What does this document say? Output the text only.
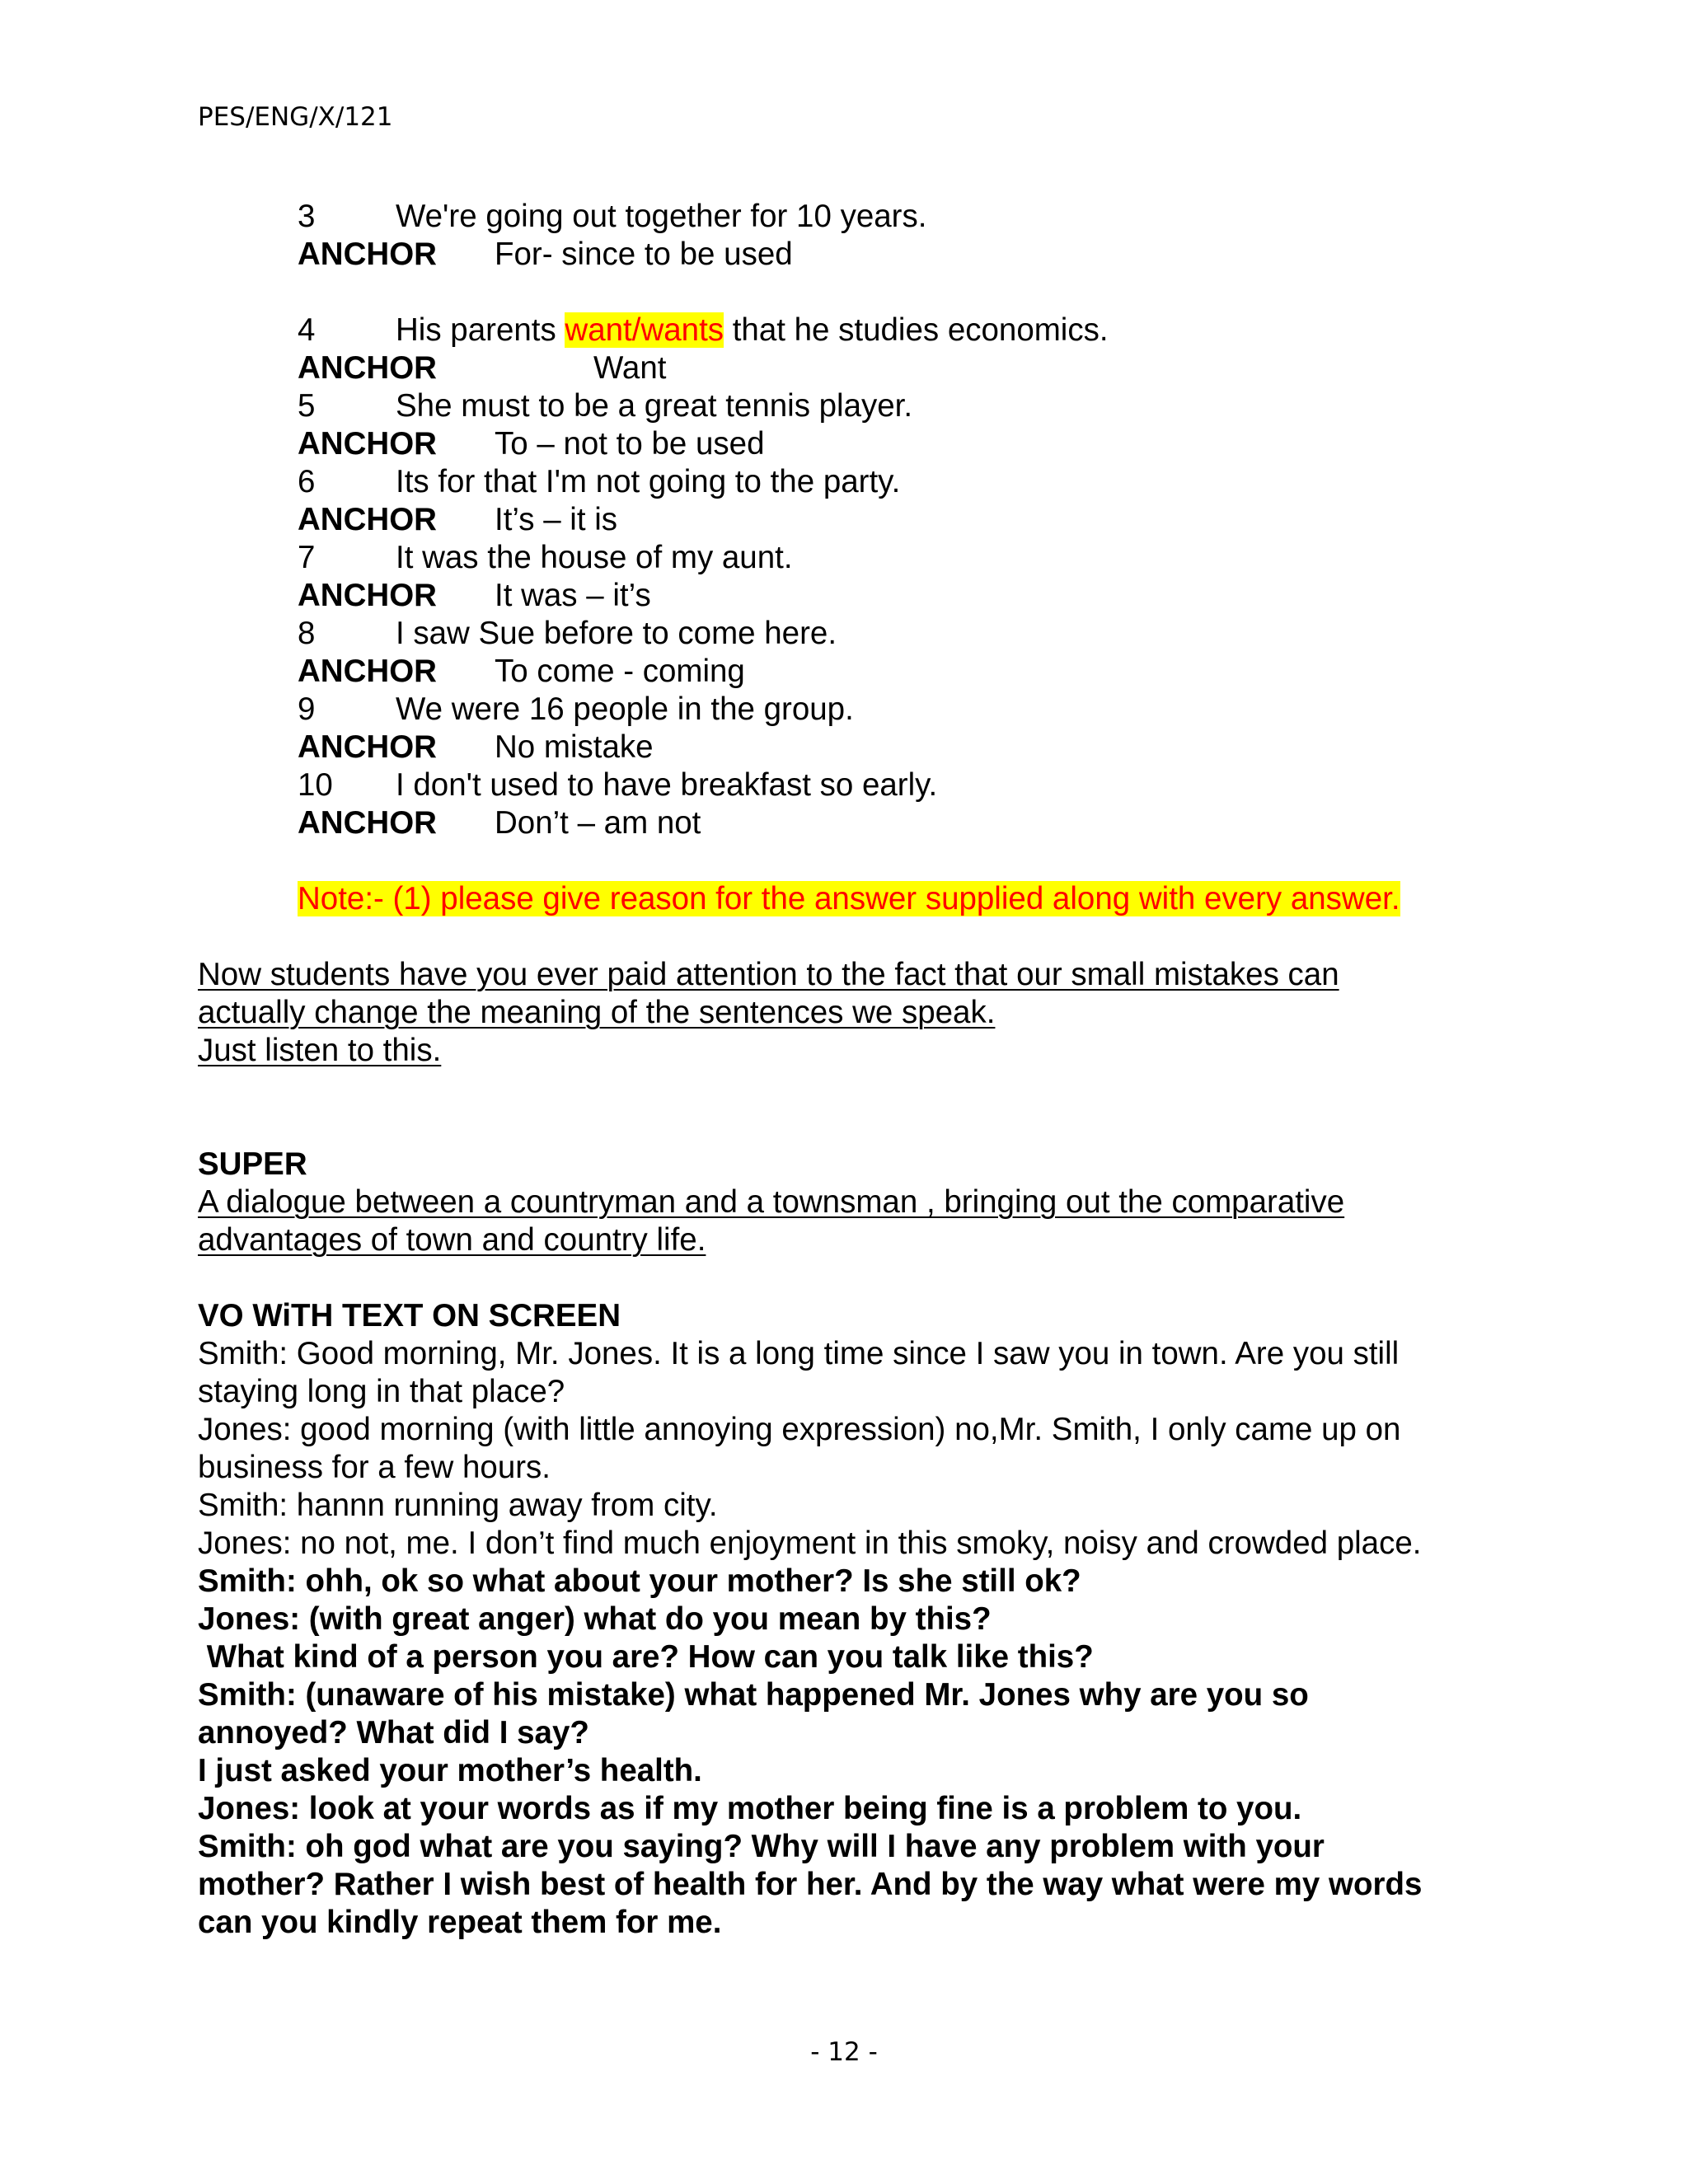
PES/ENG/X/121
3	We're going out together for 10 years.
ANCHOR For- since to be used
4	His parents want/wants that he studies economics.
ANCHOR	Want
5	She must to be a great tennis player.
ANCHOR To – not to be used
6	Its for that I'm not going to the party.
ANCHOR It’s – it is
7	It was the house of my aunt.
ANCHOR It was – it’s
8	I saw Sue before to come here.
ANCHOR To come - coming
9	We were 16 people in the group.
ANCHOR No mistake
10 I don't used to have breakfast so early.
ANCHOR Don’t – am not
Note:- (1) please give reason for the answer supplied along with every answer.
Now students have you ever paid attention to the fact that our small mistakes can
actually change the meaning of the sentences we speak.
Just listen to this.
SUPER
A dialogue between a countryman and a townsman , bringing out the comparative
advantages of town and country life.
VO WiTH TEXT ON SCREEN
Smith: Good morning, Mr. Jones. It is a long time since I saw you in town. Are you still
staying long in that place?
Jones: good morning (with little annoying expression) no,Mr. Smith, I only came up on
business for a few hours.
Smith: hannn running away from city.
Jones: no not, me. I don’t find much enjoyment in this smoky, noisy and crowded place.
Smith: ohh, ok so what about your mother? Is she still ok?
Jones: (with great anger) what do you mean by this?
What kind of a person you are? How can you talk like this?
Smith: (unaware of his mistake) what happened Mr. Jones why are you so
annoyed? What did I say?
I just asked your mother’s health.
Jones: look at your words as if my mother being fine is a problem to you.
Smith: oh god what are you saying? Why will I have any problem with your
mother? Rather I wish best of health for her. And by the way what were my words
can you kindly repeat them for me.
- 12 -
